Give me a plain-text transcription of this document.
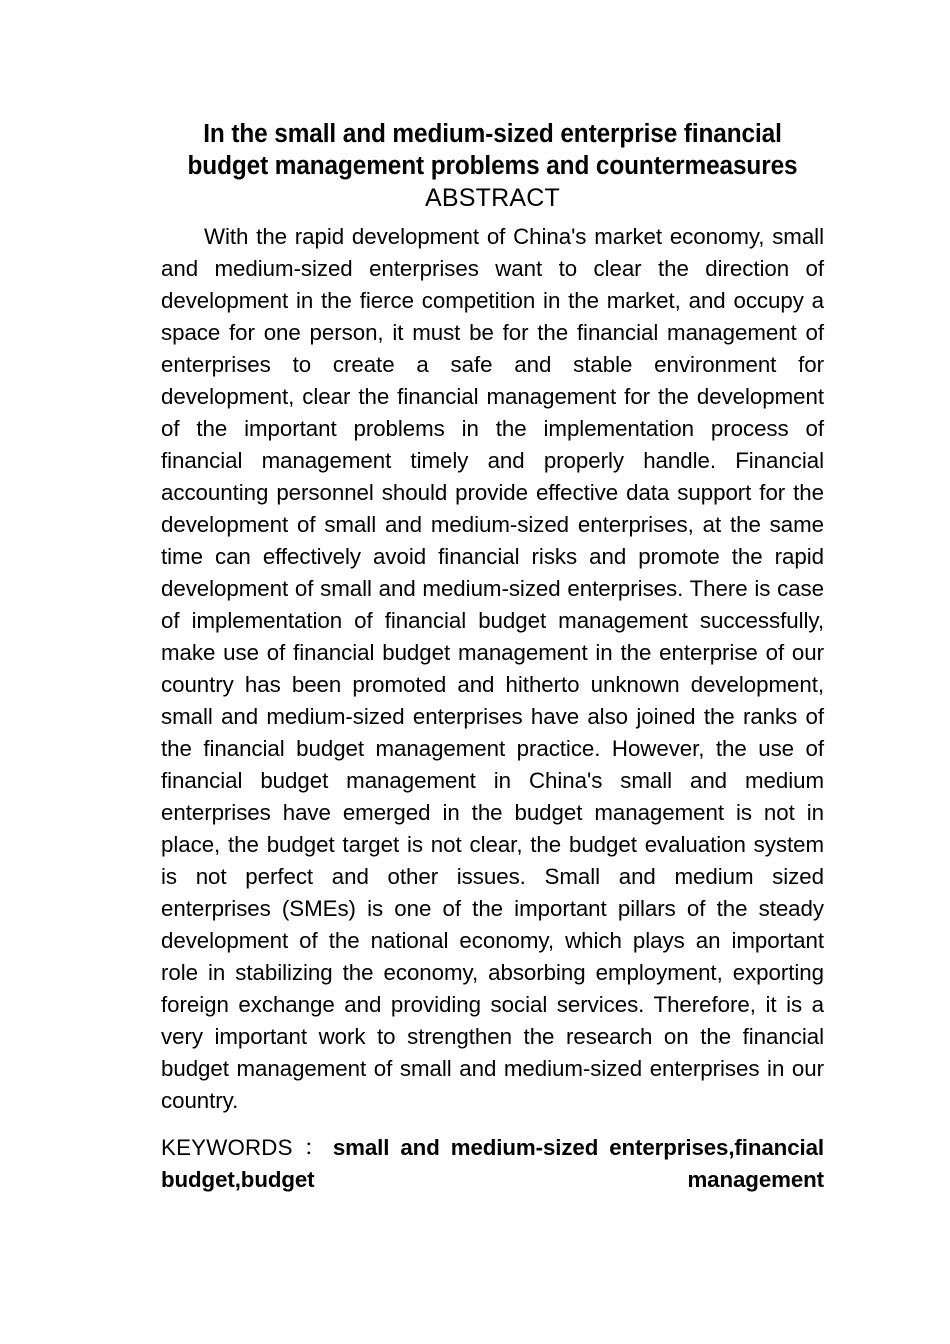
In the small and medium-sized enterprise financial budget management problems and countermeasures
ABSTRACT

With the rapid development of China's market economy, small and medium-sized enterprises want to clear the direction of development in the fierce competition in the market, and occupy a space for one person, it must be for the financial management of enterprises to create a safe and stable environment for development, clear the financial management for the development of the important problems in the implementation process of financial management timely and properly handle. Financial accounting personnel should provide effective data support for the development of small and medium-sized enterprises, at the same time can effectively avoid financial risks and promote the rapid development of small and medium-sized enterprises. There is case of implementation of financial budget management successfully, make use of financial budget management in the enterprise of our country has been promoted and hitherto unknown development, small and medium-sized enterprises have also joined the ranks of the financial budget management practice. However, the use of financial budget management in China's small and medium enterprises have emerged in the budget management is not in place, the budget target is not clear, the budget evaluation system is not perfect and other issues. Small and medium sized enterprises (SMEs) is one of the important pillars of the steady development of the national economy, which plays an important role in stabilizing the economy, absorbing employment, exporting foreign exchange and providing social services. Therefore, it is a very important work to strengthen the research on the financial budget management of small and medium-sized enterprises in our country.

KEYWORDS ：small and medium-sized enterprises,financial budget,budget management
